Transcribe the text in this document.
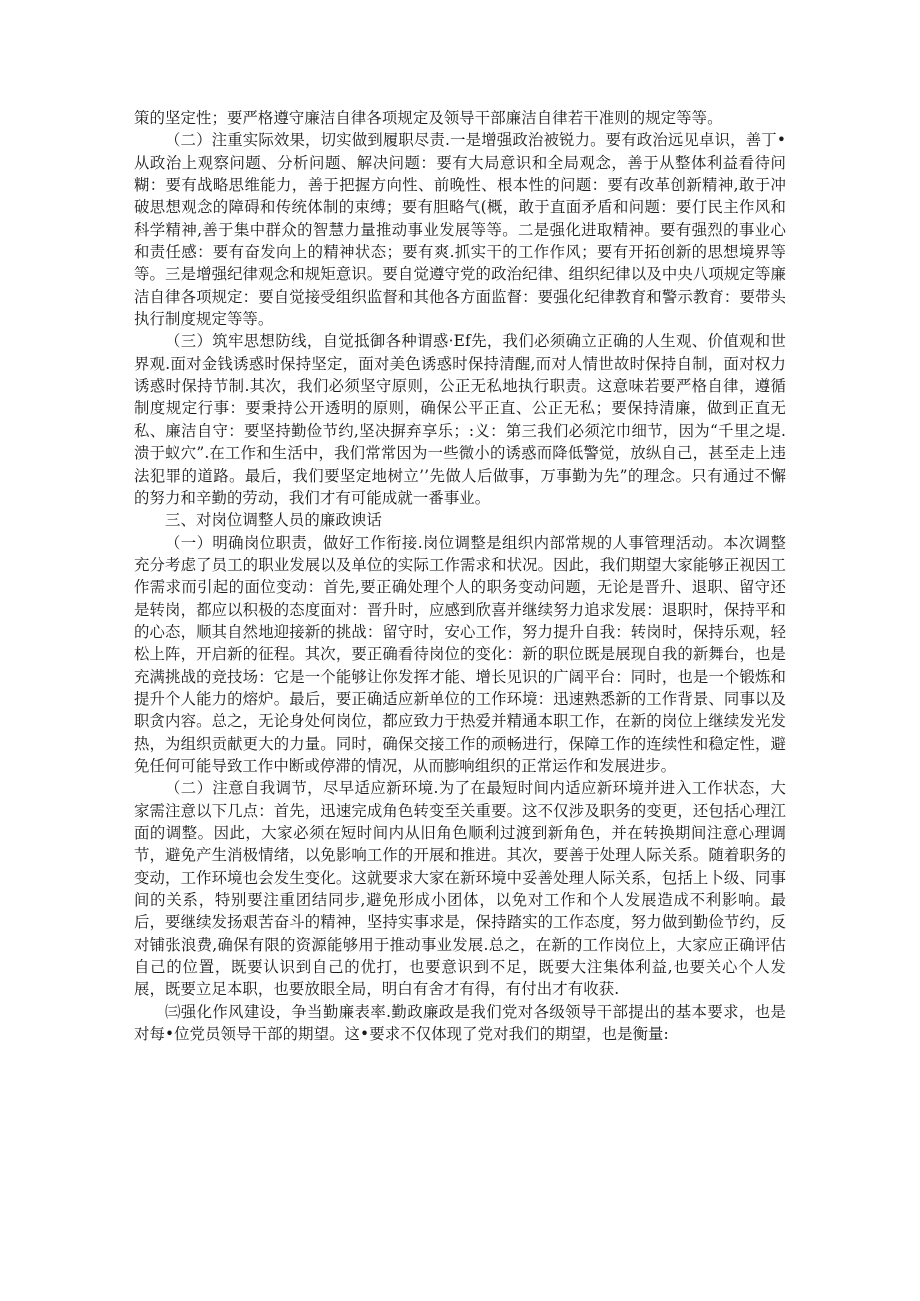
策的坚定性；要严格遵守廉洁自律各项规定及领导干部廉洁自律若干准则的规定等等。

（二）注重实际效果，切实做到履职尽责.一是增强政治被锐力。要有政治远见卓识，善丁•从政治上观察问题、分析问题、解决问题：要有大局意识和全局观念，善于从整体利益看待问糊：要有战略思维能力，善于把握方向性、前晚性、根本性的问题：要有改革创新精神,敢于冲破思想观念的障碍和传统体制的束缚；要有胆略气(概，敢于直面矛盾和问题：要仃民主作风和科学精神,善于集中群众的智慧力量推动事业发展等等。二是强化进取精神。要有强烈的事业心和责任感：要有奋发向上的精神状态；要有爽.抓实干的工作作风；要有开拓创新的思想境界等等。三是增强纪律观念和规矩意识。要自觉遵守党的政治纪律、组织纪律以及中央八项规定等廉洁自律各项规定：要自觉接受组织监督和其他各方面监督：要强化纪律教育和警示教育：要带头执行制度规定等等。

（三）筑牢思想防线，自觉抵御各种谓惑·Ef先，我们必须确立正确的人生观、价值观和世界观.面对金钱诱惑时保持坚定，面对美色诱惑时保持清醒,而对人情世故时保持自制，面对权力诱惑时保持节制.其次，我们必须坚守原则，公正无私地执行职责。这意味若要严格自律，遵循制度规定行事：要秉持公开透明的原则，确保公平正直、公正无私；要保持清廉，做到正直无私、廉洁自守：要坚持勤俭节约,坚决摒弃享乐；:义：第三我们必须沱巾细节，因为“千里之堤.溃于蚁穴”.在工作和生活中，我们常常因为一些微小的诱惑而降低警觉，放纵自己，甚至走上违法犯罪的道路。最后，我们要坚定地树立’’先做人后做事，万事勤为先”的理念。只有通过不懈的努力和辛勤的劳动，我们才有可能成就一番事业。

三、对岗位调整人员的廉政谀话

（一）明确岗位职责，做好工作衔接.岗位调整是组织内部常规的人事管理活动。本次调整充分考虑了员工的职业发展以及单位的实际工作需求和状况。因此，我们期望大家能够正视因工作需求而引起的面位变动：首先,要正确处理个人的职务变动问题，无论是晋升、退职、留守还是转岗，都应以积极的态度面对：晋升时，应感到欣喜并继续努力追求发展：退职时，保持平和的心态，顺其自然地迎接新的挑战：留守时，安心工作，努力提升自我：转岗时，保持乐观，轻松上阵，开启新的征程。其次，要正确看待岗位的变化：新的职位既是展现自我的新舞台，也是充满挑战的竞技场：它是一个能够让你发挥才能、增长见识的广阔平台：同时，也是一个锻炼和提升个人能力的熔炉。最后，要正确适应新单位的工作环境：迅速熟悉新的工作背景、同事以及职贪内容。总之，无论身处何岗位，都应致力于热爱并精通本职工作，在新的岗位上继续发光发热，为组织贡献更大的力量。同时，确保交接工作的顽畅进行，保障工作的连续性和稳定性，避免任何可能导致工作中断或停滞的情况，从而膨响组织的正常运作和发展进步。

（二）注意自我调节，尽早适应新环境.为了在最短时间内适应新环境并进入工作状态，大家需注意以下几点：首先，迅速完成角色转变至关重要。这不仅涉及职务的变更，还包括心理江面的调整。因此，大家必须在短时间内从旧角色顺利过渡到新角色，并在转换期间注意心理调节，避免产生消极情绪，以免影响工作的开展和推进。其次，要善于处理人际关系。随着职务的变动，工作环境也会发生变化。这就要求大家在新环境中妥善处理人际关系，包括上卜级、同事间的关系，特别要注重团结同步,避免形成小团体，以免对工作和个人发展造成不利影响。最后，要继续发扬艰苦奋斗的精神，坚持实事求是，保持踏实的工作态度，努力做到勤俭节约，反对铺张浪费,确保有限的资源能够用于推动事业发展.总之，在新的工作岗位上，大家应正确评估自己的位置，既要认识到自己的优打，也要意识到不足，既要大注集体利益,也要关心个人发展，既要立足本职，也要放眼全局，明白有舍才有得，有付出才有收获.

㈢强化作风建设，争当勤廉表率.勤政廉政是我们党对各级领导干部提出的基本要求，也是对每•位党员领导干部的期望。这•要求不仅体现了党对我们的期望，也是衡量:
